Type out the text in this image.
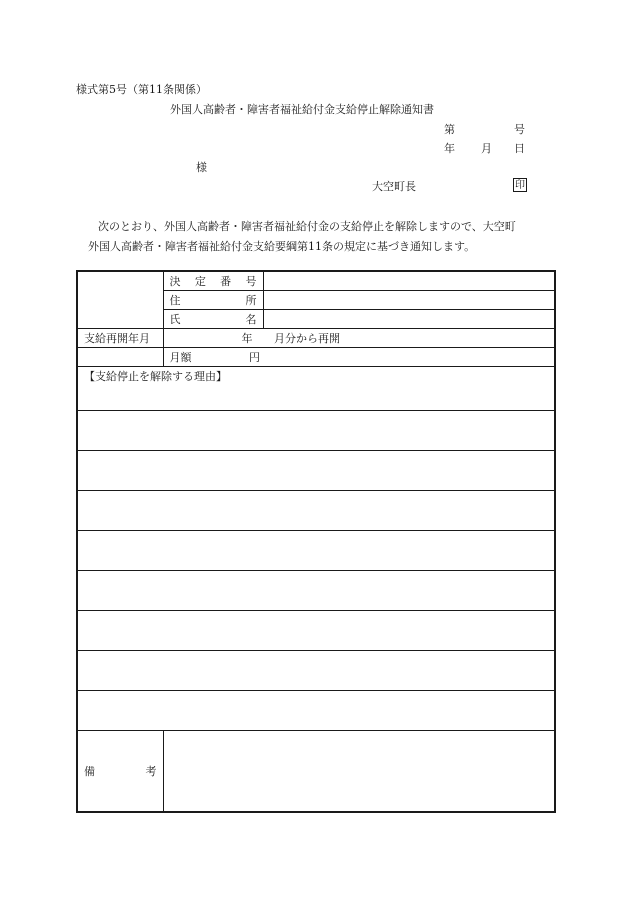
様式第5号（第11条関係）
外国人高齢者・障害者福祉給付金支給停止解除通知書
第	号
年 月 日
様
大空町長	印
次のとおり、外国人高齢者・障害者福祉給付金の支給停止を解除しますので、大空町
外国人高齢者・障害者福祉給付金支給要綱第11条の規定に基づき通知します。

	決 定 番 号	

	住 所	

	氏 名	

支給再開年月	年 月分から再開	
	月額 円	
【支給停止を解除する理由】		

備 考		
